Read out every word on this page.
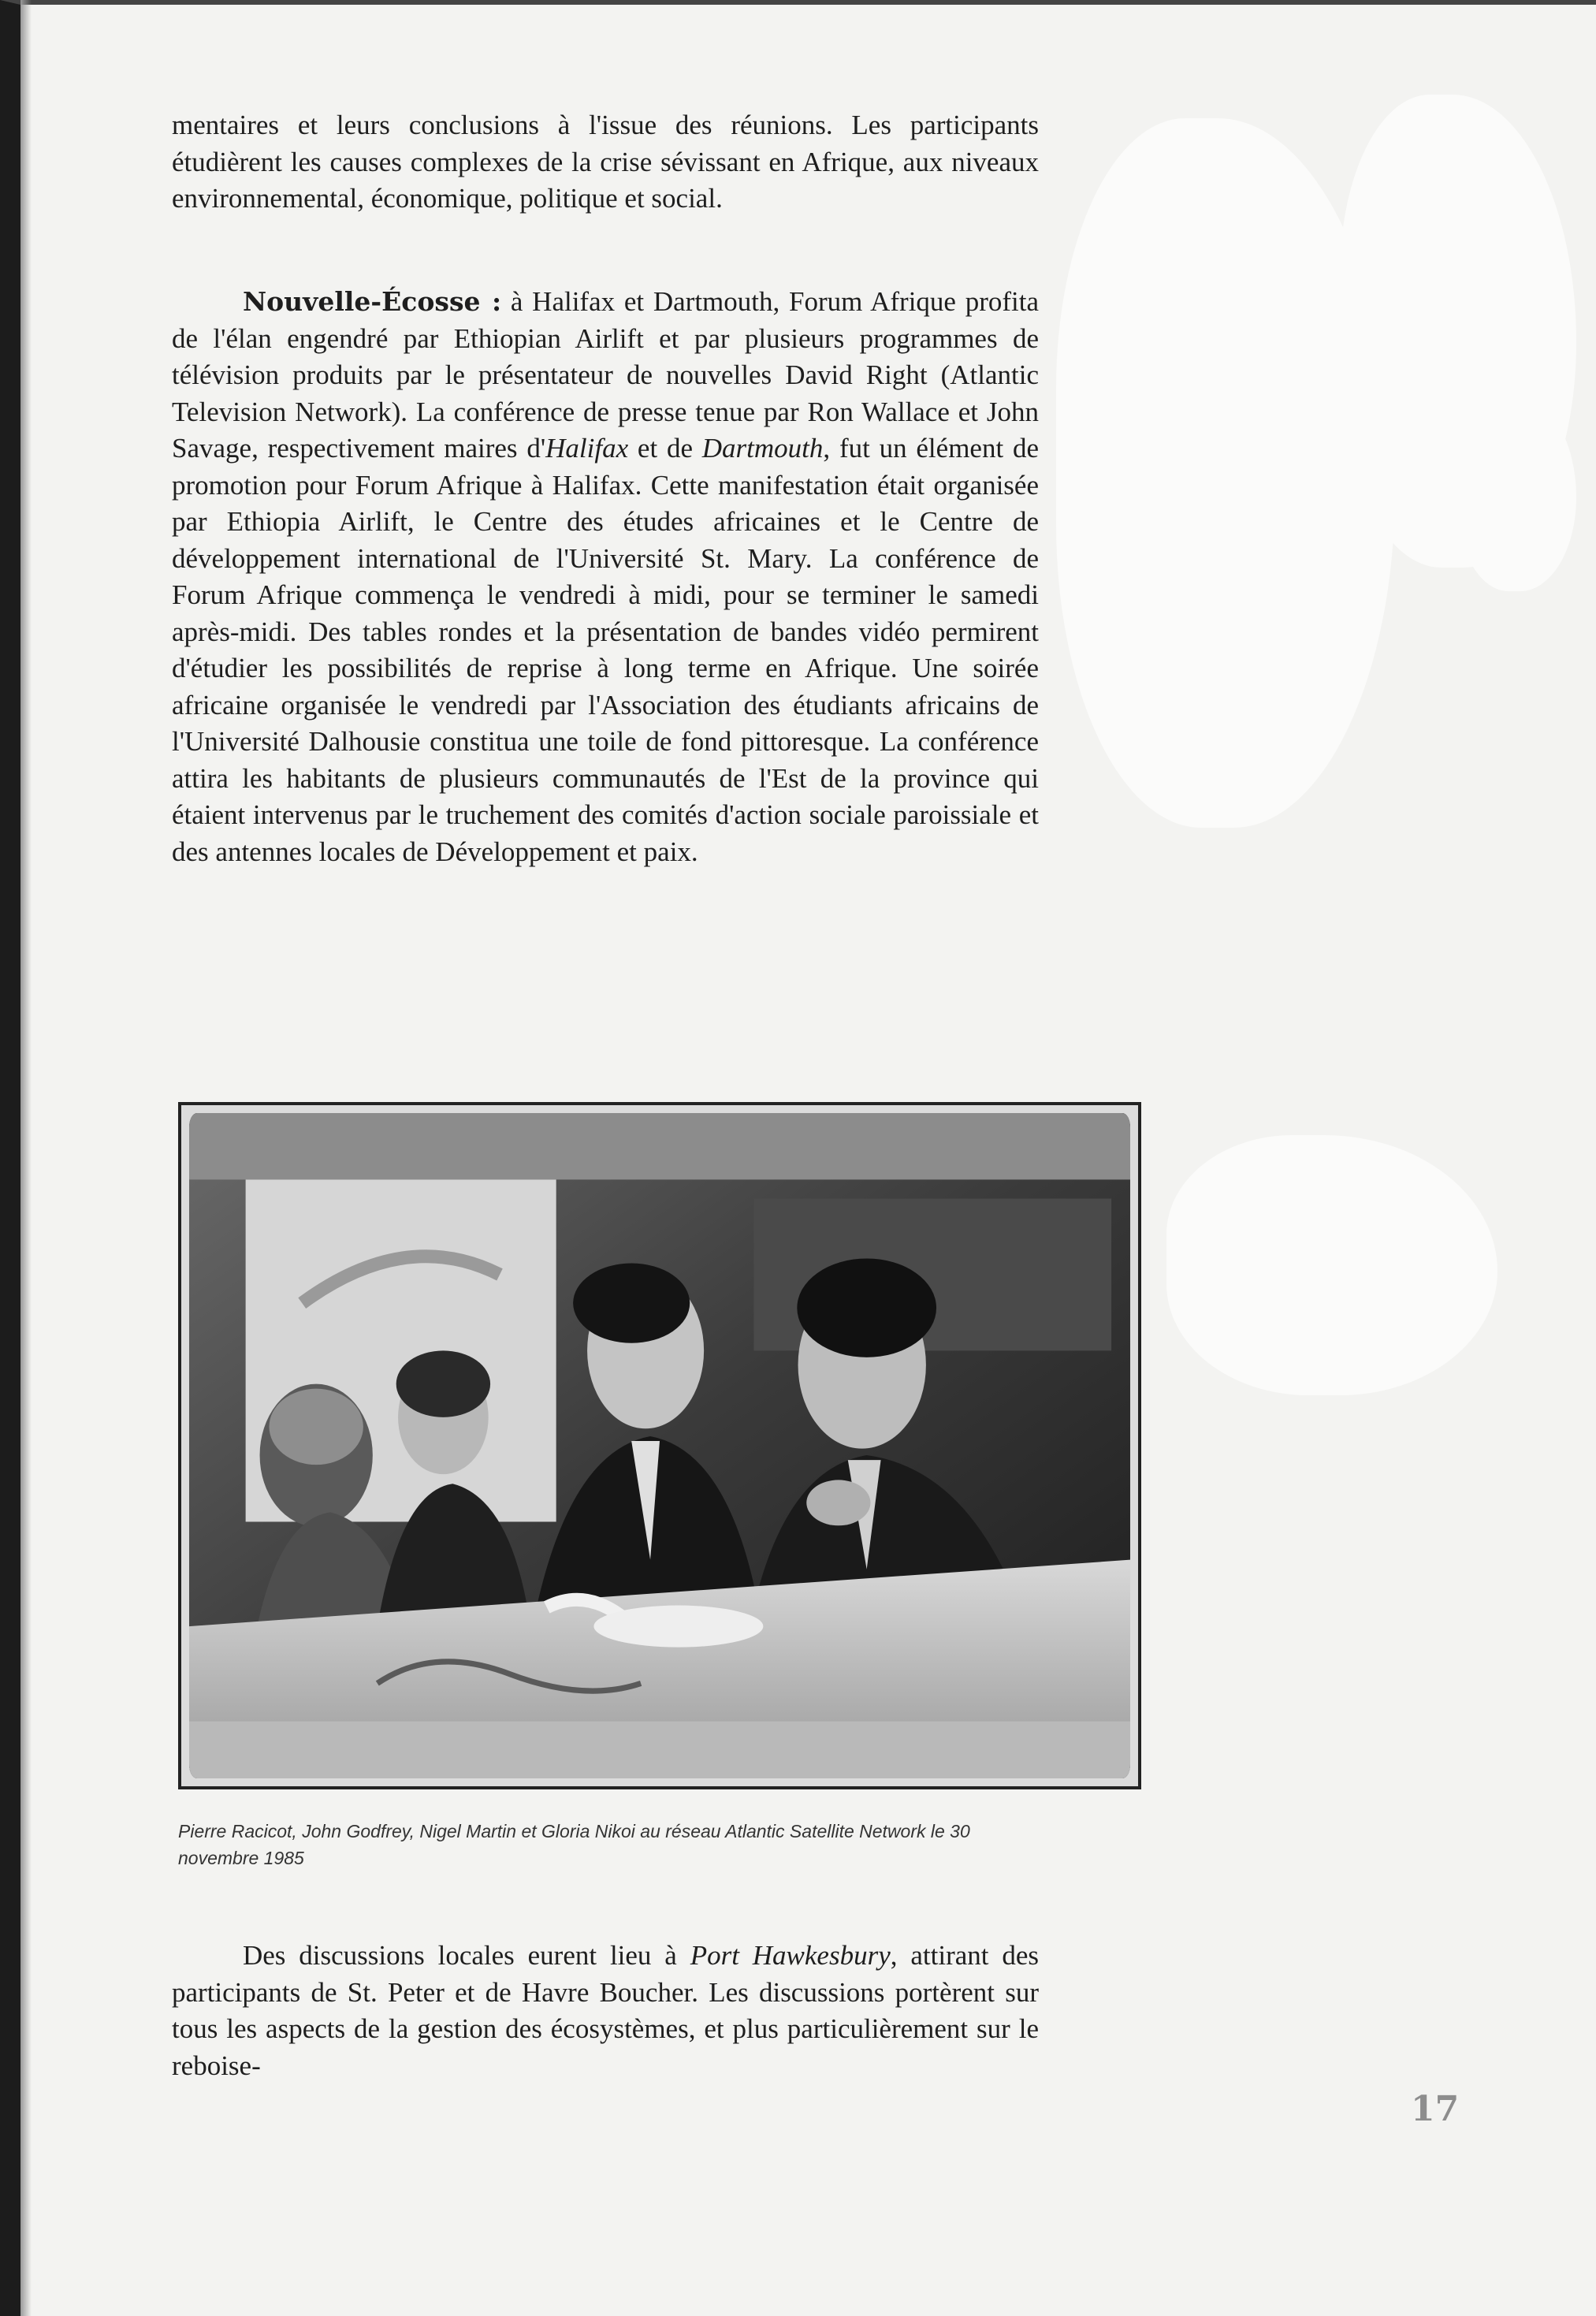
mentaires et leurs conclusions à l'issue des réunions. Les participants étudièrent les causes complexes de la crise sévissant en Afrique, aux niveaux environnemental, économique, politique et social.

Nouvelle-Écosse : à Halifax et Dartmouth, Forum Afrique profita de l'élan engendré par Ethiopian Airlift et par plusieurs programmes de télévision produits par le présentateur de nouvelles David Right (Atlantic Television Network). La conférence de presse tenue par Ron Wallace et John Savage, respectivement maires d'Halifax et de Dartmouth, fut un élément de promotion pour Forum Afrique à Halifax. Cette manifestation était organisée par Ethiopia Airlift, le Centre des études africaines et le Centre de développement international de l'Université St. Mary. La conférence de Forum Afrique commença le vendredi à midi, pour se terminer le samedi après-midi. Des tables rondes et la présentation de bandes vidéo permirent d'étudier les possibilités de reprise à long terme en Afrique. Une soirée africaine organisée le vendredi par l'Association des étudiants africains de l'Université Dalhousie constitua une toile de fond pittoresque. La conférence attira les habitants de plusieurs communautés de l'Est de la province qui étaient intervenus par le truchement des comités d'action sociale paroissiale et des antennes locales de Développement et paix.

Pierre Racicot, John Godfrey, Nigel Martin et Gloria Nikoi au réseau Atlantic Satellite Network le 30 novembre 1985

Des discussions locales eurent lieu à Port Hawkesbury, attirant des participants de St. Peter et de Havre Boucher. Les discussions portèrent sur tous les aspects de la gestion des écosystèmes, et plus particulièrement sur le reboise-

17
